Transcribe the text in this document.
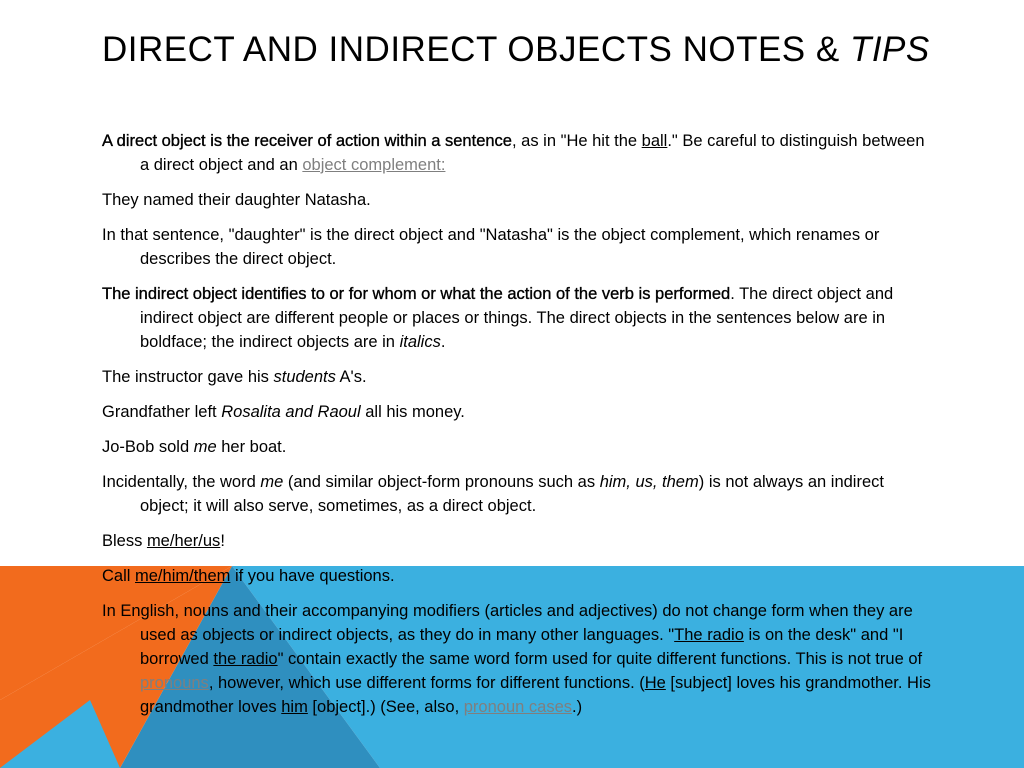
DIRECT AND INDIRECT OBJECTS NOTES & TIPS

A direct object is the receiver of action within a sentence, as in "He hit the ball." Be careful to distinguish between a direct object and an object complement:

They named their daughter Natasha.

In that sentence, "daughter" is the direct object and "Natasha" is the object complement, which renames or describes the direct object.

The indirect object identifies to or for whom or what the action of the verb is performed. The direct object and indirect object are different people or places or things. The direct objects in the sentences below are in boldface; the indirect objects are in italics.

The instructor gave his students A's.

Grandfather left Rosalita and Raoul all his money.

Jo-Bob sold me her boat.

Incidentally, the word me (and similar object-form pronouns such as him, us, them) is not always an indirect object; it will also serve, sometimes, as a direct object.

Bless me/her/us!

Call me/him/them if you have questions.

In English, nouns and their accompanying modifiers (articles and adjectives) do not change form when they are used as objects or indirect objects, as they do in many other languages. "The radio is on the desk" and "I borrowed the radio" contain exactly the same word form used for quite different functions. This is not true of pronouns, however, which use different forms for different functions. (He [subject] loves his grandmother. His grandmother loves him [object].) (See, also, pronoun cases.)
